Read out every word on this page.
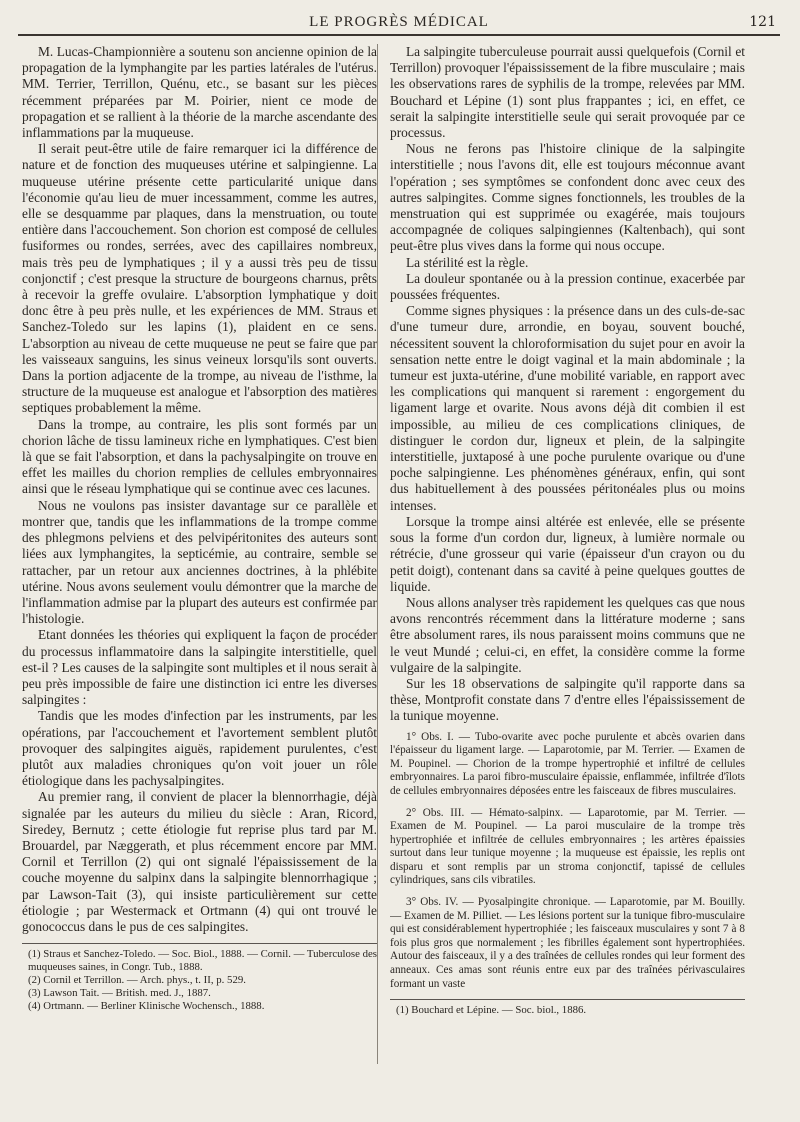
LE PROGRÈS MÉDICAL	121

M. Lucas-Championnière a soutenu son ancienne opinion de la propagation de la lymphangite par les parties latérales de l'utérus. MM. Terrier, Terrillon, Quénu, etc., se basant sur les pièces récemment préparées par M. Poirier, nient ce mode de propagation et se rallient à la théorie de la marche ascendante des inflammations par la muqueuse.

Il serait peut-être utile de faire remarquer ici la différence de nature et de fonction des muqueuses utérine et salpingienne. La muqueuse utérine présente cette particularité unique dans l'économie qu'au lieu de muer incessamment, comme les autres, elle se desquamme par plaques, dans la menstruation, ou toute entière dans l'accouchement. Son chorion est composé de cellules fusiformes ou rondes, serrées, avec des capillaires nombreux, mais très peu de lymphatiques ; il y a aussi très peu de tissu conjonctif ; c'est presque la structure de bourgeons charnus, prêts à recevoir la greffe ovulaire. L'absorption lymphatique y doit donc être à peu près nulle, et les expériences de MM. Straus et Sanchez-Toledo sur les lapins (1), plaident en ce sens. L'absorption au niveau de cette muqueuse ne peut se faire que par les vaisseaux sanguins, les sinus veineux lorsqu'ils sont ouverts. Dans la portion adjacente de la trompe, au niveau de l'isthme, la structure de la muqueuse est analogue et l'absorption des matières septiques probablement la même.

Dans la trompe, au contraire, les plis sont formés par un chorion lâche de tissu lamineux riche en lymphatiques. C'est bien là que se fait l'absorption, et dans la pachysalpingite on trouve en effet les mailles du chorion remplies de cellules embryonnaires ainsi que le réseau lymphatique qui se continue avec ces lacunes.

Nous ne voulons pas insister davantage sur ce parallèle et montrer que, tandis que les inflammations de la trompe comme des phlegmons pelviens et des pelvipéritonites des auteurs sont liées aux lymphangites, la septicémie, au contraire, semble se rattacher, par un retour aux anciennes doctrines, à la phlébite utérine. Nous avons seulement voulu démontrer que la marche de l'inflammation admise par la plupart des auteurs est confirmée par l'histologie.

Etant données les théories qui expliquent la façon de procéder du processus inflammatoire dans la salpingite interstitielle, quel est-il ? Les causes de la salpingite sont multiples et il nous serait à peu près impossible de faire une distinction ici entre les diverses salpingites :

Tandis que les modes d'infection par les instruments, par les opérations, par l'accouchement et l'avortement semblent plutôt provoquer des salpingites aiguës, rapidement purulentes, c'est plutôt aux maladies chroniques qu'on voit jouer un rôle étiologique dans les pachysalpingites.

Au premier rang, il convient de placer la blennorrhagie, déjà signalée par les auteurs du milieu du siècle : Aran, Ricord, Siredey, Bernutz ; cette étiologie fut reprise plus tard par M. Brouardel, par Næggerath, et plus récemment encore par MM. Cornil et Terrillon (2) qui ont signalé l'épaississement de la couche moyenne du salpinx dans la salpingite blennorrhagique ; par Lawson-Tait (3), qui insiste particulièrement sur cette étiologie ; par Westermack et Ortmann (4) qui ont trouvé le gonococcus dans le pus de ces salpingites.

(1) Straus et Sanchez-Toledo. — Soc. Biol., 1888. — Cornil. — Tuberculose des muqueuses saines, in Congr. Tub., 1888.
(2) Cornil et Terrillon. — Arch. phys., t. II, p. 529.
(3) Lawson Tait. — British. med. J., 1887.
(4) Ortmann. — Berliner Klinische Wochensch., 1888.

La salpingite tuberculeuse pourrait aussi quelquefois (Cornil et Terrillon) provoquer l'épaississement de la fibre musculaire ; mais les observations rares de syphilis de la trompe, relevées par MM. Bouchard et Lépine (1) sont plus frappantes ; ici, en effet, ce serait la salpingite interstitielle seule qui serait provoquée par ce processus.

Nous ne ferons pas l'histoire clinique de la salpingite interstitielle ; nous l'avons dit, elle est toujours méconnue avant l'opération ; ses symptômes se confondent donc avec ceux des autres salpingites. Comme signes fonctionnels, les troubles de la menstruation qui est supprimée ou exagérée, mais toujours accompagnée de coliques salpingiennes (Kaltenbach), qui sont peut-être plus vives dans la forme qui nous occupe.

La stérilité est la règle.

La douleur spontanée ou à la pression continue, exacerbée par poussées fréquentes.

Comme signes physiques : la présence dans un des culs-de-sac d'une tumeur dure, arrondie, en boyau, souvent bouché, nécessitent souvent la chloroformisation du sujet pour en avoir la sensation nette entre le doigt vaginal et la main abdominale ; la tumeur est juxta-utérine, d'une mobilité variable, en rapport avec les complications qui manquent si rarement : engorgement du ligament large et ovarite. Nous avons déjà dit combien il est impossible, au milieu de ces complications cliniques, de distinguer le cordon dur, ligneux et plein, de la salpingite interstitielle, juxtaposé à une poche purulente ovarique ou d'une poche salpingienne. Les phénomènes généraux, enfin, qui sont dus habituellement à des poussées péritonéales plus ou moins intenses.

Lorsque la trompe ainsi altérée est enlevée, elle se présente sous la forme d'un cordon dur, ligneux, à lumière normale ou rétrécie, d'une grosseur qui varie (épaisseur d'un crayon ou du petit doigt), contenant dans sa cavité à peine quelques gouttes de liquide.

Nous allons analyser très rapidement les quelques cas que nous avons rencontrés récemment dans la littérature moderne ; sans être absolument rares, ils nous paraissent moins communs que ne le veut Mundé ; celui-ci, en effet, la considère comme la forme vulgaire de la salpingite.

Sur les 18 observations de salpingite qu'il rapporte dans sa thèse, Montprofit constate dans 7 d'entre elles l'épaississement de la tunique moyenne.

1° Obs. I. — Tubo-ovarite avec poche purulente et abcès ovarien dans l'épaisseur du ligament large. — Laparotomie, par M. Terrier. — Examen de M. Poupinel. — Chorion de la trompe hypertrophié et infiltré de cellules embryonnaires. La paroi fibro-musculaire épaissie, enflammée, infiltrée d'îlots de cellules embryonnaires déposées entre les faisceaux de fibres musculaires.

2° Obs. III. — Hémato-salpinx. — Laparotomie, par M. Terrier. — Examen de M. Poupinel. — La paroi musculaire de la trompe très hypertrophiée et infiltrée de cellules embryonnaires ; les artères épaissies surtout dans leur tunique moyenne ; la muqueuse est épaissie, les replis ont disparu et sont remplis par un stroma conjonctif, tapissé de cellules cylindriques, sans cils vibratiles.

3° Obs. IV. — Pyosalpingite chronique. — Laparotomie, par M. Bouilly. — Examen de M. Pilliet. — Les lésions portent sur la tunique fibro-musculaire qui est considérablement hypertrophiée ; les faisceaux musculaires y sont 7 à 8 fois plus gros que normalement ; les fibrilles également sont hypertrophiées. Autour des faisceaux, il y a des traînées de cellules rondes qui leur forment des anneaux. Ces amas sont réunis entre eux par des traînées périvasculaires formant un vaste

(1) Bouchard et Lépine. — Soc. biol., 1886.
